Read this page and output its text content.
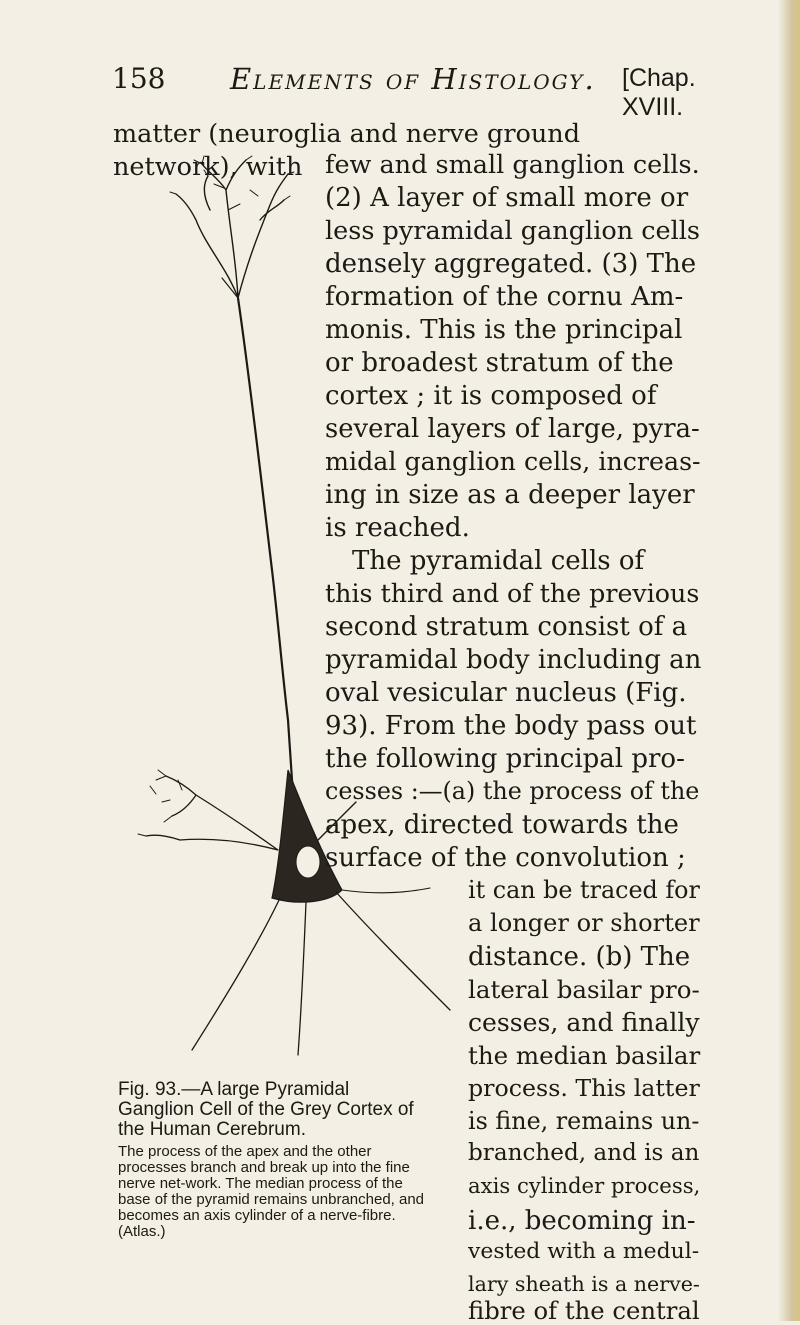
158 Elements of Histology. [Chap. XVIII.
matter (neuroglia and nerve ground network), with
Fig. 93.—A large Pyramidal Ganglion Cell of the Grey Cortex of the Human Cerebrum.
The process of the apex and the other processes branch and break up into the fine nerve net-work. The median process of the base of the pyramid remains unbranched, and becomes an axis cylinder of a nerve-fibre. (Atlas.)
few and small ganglion cells.
(2) A layer of small more or
less pyramidal ganglion cells
densely aggregated. (3) The
formation of the cornu Am-
monis. This is the principal
or broadest stratum of the
cortex ; it is composed of
several layers of large, pyra-
midal ganglion cells, increas-
ing in size as a deeper layer
is reached.
The pyramidal cells of
this third and of the previous
second stratum consist of a
pyramidal body including an
oval vesicular nucleus (Fig.
93). From the body pass out
the following principal pro-
cesses :—(a) the process of the
apex, directed towards the
surface of the convolution ;
it can be traced for
a longer or shorter
distance. (b) The
lateral basilar pro-
cesses, and finally
the median basilar
process. This latter
is fine, remains un-
branched, and is an
axis cylinder process,
i.e., becoming in-
vested with a medul-
lary sheath is a nerve-
fibre of the central
